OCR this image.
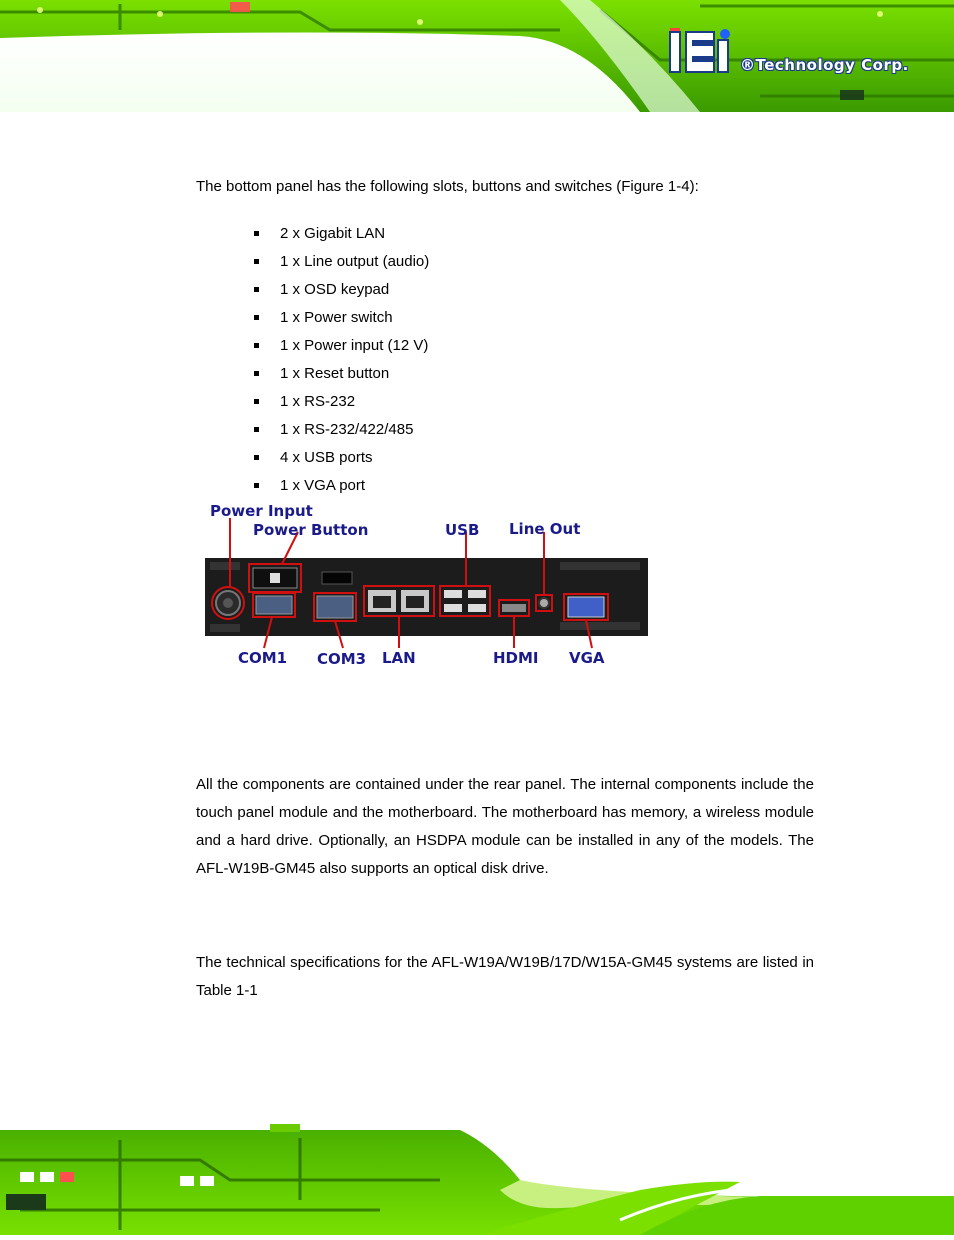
®Technology Corp.
The bottom panel has the following slots, buttons and switches (Figure 1-4):
2 x Gigabit LAN
1 x Line output (audio)
1 x OSD keypad
1 x Power switch
1 x Power input (12 V)
1 x Reset button
1 x RS-232
1 x RS-232/422/485
4 x USB ports
1 x VGA port
Power Input
Power Button	USB Line Out
COM1 COM3 LAN	HDMI VGA
All the components are contained under the rear panel. The internal components include the touch panel module and the motherboard. The motherboard has memory, a wireless module and a hard drive. Optionally, an HSDPA module can be installed in any of the models. The AFL-W19B-GM45 also supports an optical disk drive.
The technical specifications for the AFL-W19A/W19B/17D/W15A-GM45 systems are listed in Table 1-1
